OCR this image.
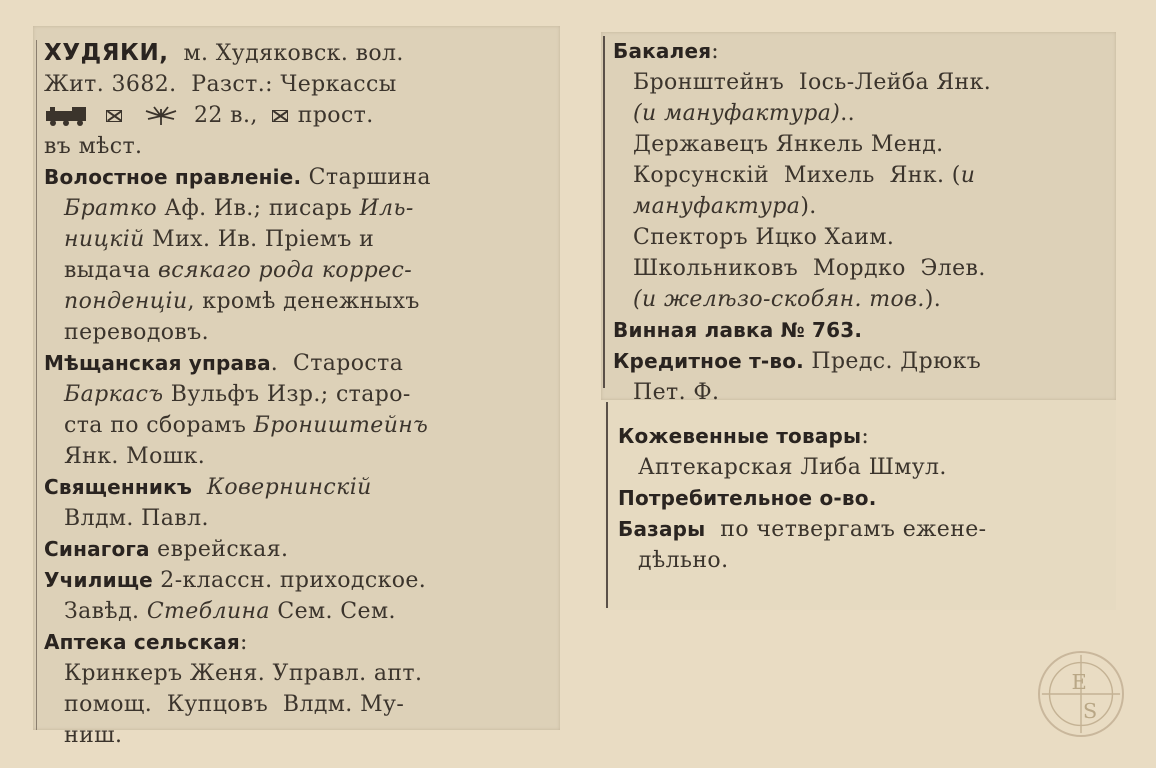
ХУДЯКИ,  м. Худяковск. вол.
Жит. 3682.  Разст.: Черкассы
22 в., прост.
въ мѣст.
Волостное правленіе. Старшина
Братко Аф. Ив.; писарь Иль-
ницкій Мих. Ив. Пріемъ и
выдача всякаго рода коррес-
понденціи, кромѣ денежныхъ
переводовъ.
Мѣщанская управа.  Староста
Баркасъ Вульфъ Изр.; старо-
ста по сборамъ Броништейнъ
Янк. Мошк.
Священникъ Ковернинскій
Влдм. Павл.
Синагога еврейская.
Училище 2-классн. приходское.
Завѣд. Стеблина Сем. Сем.
Аптека сельская:
Кринкеръ Женя. Управл. апт.
помощ.  Купцовъ  Влдм. Му-
ниш.
Бакалея:
Бронштейнъ  Іось-Лейба Янк.
(и мануфактура)..
Державецъ Янкель Менд.
Корсунскій  Михель  Янк. (и
мануфактура).
Спекторъ Ицко Хаим.
Школьниковъ  Мордко  Элев.
(и желѣзо-скобян. тов.).
Винная лавка № 763.
Кредитное т-во. Предс. Дрюкъ
Пет. Ф.
Кожевенные товары:
Аптекарская Либа Шмул.
Потребительное о-во.
Базары  по четвергамъ ежене-
дѣльно.
E
S
